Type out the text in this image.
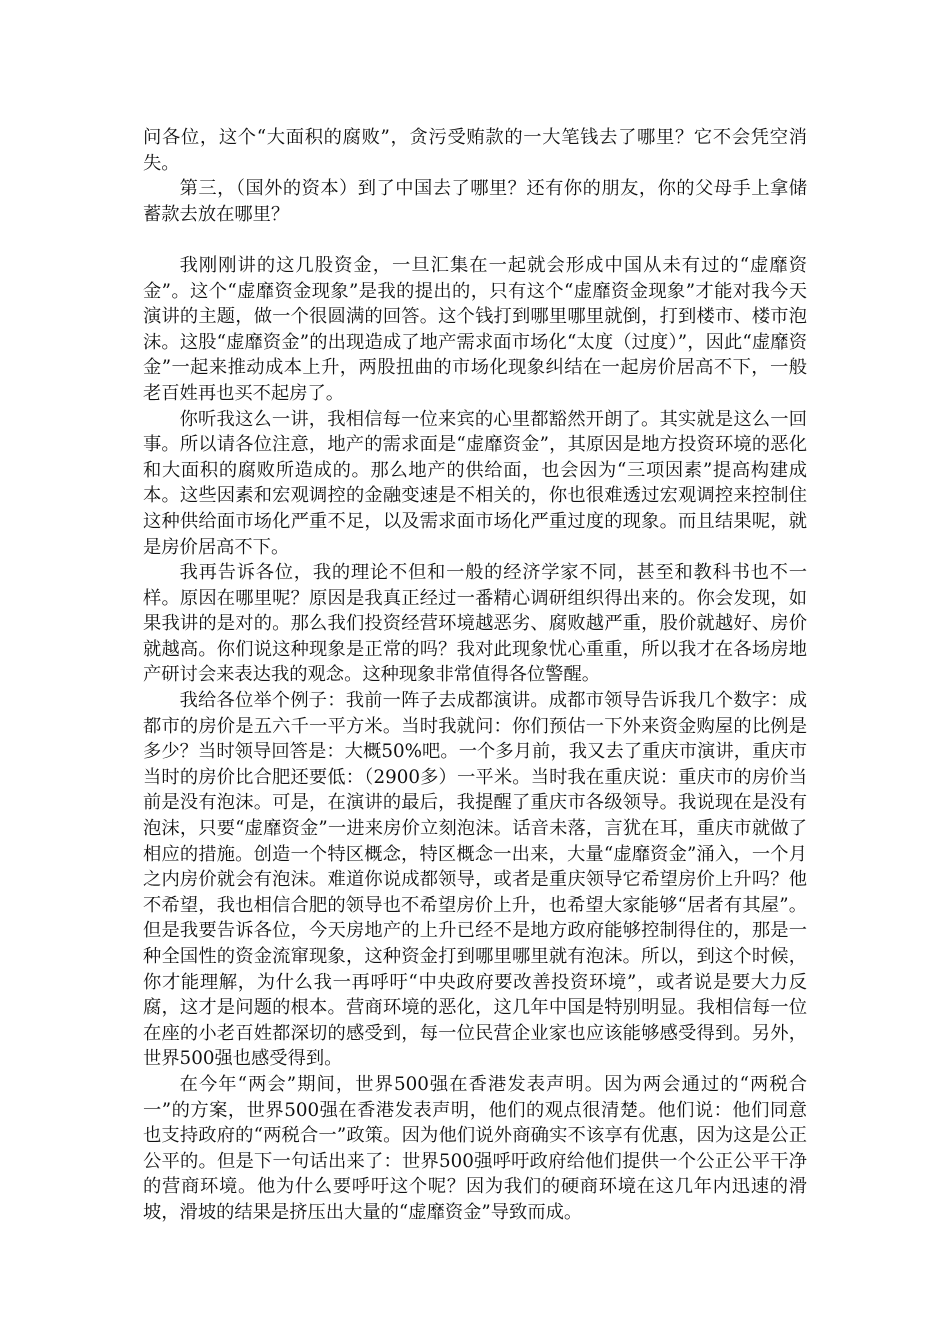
问各位，这个“大面积的腐败”，贪污受贿款的一大笔钱去了哪里？它不会凭空消失。

第三，（国外的资本）到了中国去了哪里？还有你的朋友，你的父母手上拿储蓄款去放在哪里？

我刚刚讲的这几股资金，一旦汇集在一起就会形成中国从未有过的“虚靡资金”。这个“虚靡资金现象”是我的提出的，只有这个“虚靡资金现象”才能对我今天演讲的主题，做一个很圆满的回答。这个钱打到哪里哪里就倒，打到楼市、楼市泡沫。这股“虚靡资金”的出现造成了地产需求面市场化“太度（过度）”，因此“虚靡资金”一起来推动成本上升，两股扭曲的市场化现象纠结在一起房价居高不下，一般老百姓再也买不起房了。

你听我这么一讲，我相信每一位来宾的心里都豁然开朗了。其实就是这么一回事。所以请各位注意，地产的需求面是“虚靡资金”，其原因是地方投资环境的恶化和大面积的腐败所造成的。那么地产的供给面，也会因为“三项因素”提高构建成本。这些因素和宏观调控的金融变速是不相关的，你也很难透过宏观调控来控制住这种供给面市场化严重不足，以及需求面市场化严重过度的现象。而且结果呢，就是房价居高不下。

我再告诉各位，我的理论不但和一般的经济学家不同，甚至和教科书也不一样。原因在哪里呢？原因是我真正经过一番精心调研组织得出来的。你会发现，如果我讲的是对的。那么我们投资经营环境越恶劣、腐败越严重，股价就越好、房价就越高。你们说这种现象是正常的吗？我对此现象忧心重重，所以我才在各场房地产研讨会来表达我的观念。这种现象非常值得各位警醒。

我给各位举个例子：我前一阵子去成都演讲。成都市领导告诉我几个数字：成都市的房价是五六千一平方米。当时我就问：你们预估一下外来资金购屋的比例是多少？当时领导回答是：大概50%吧。一个多月前，我又去了重庆市演讲，重庆市当时的房价比合肥还要低：（2900多）一平米。当时我在重庆说：重庆市的房价当前是没有泡沫。可是，在演讲的最后，我提醒了重庆市各级领导。我说现在是没有泡沫，只要“虚靡资金”一进来房价立刻泡沫。话音未落，言犹在耳，重庆市就做了相应的措施。创造一个特区概念，特区概念一出来，大量“虚靡资金”涌入，一个月之内房价就会有泡沫。难道你说成都领导，或者是重庆领导它希望房价上升吗？他不希望，我也相信合肥的领导也不希望房价上升，也希望大家能够“居者有其屋”。但是我要告诉各位，今天房地产的上升已经不是地方政府能够控制得住的，那是一种全国性的资金流窜现象，这种资金打到哪里哪里就有泡沫。所以，到这个时候，你才能理解，为什么我一再呼吁“中央政府要改善投资环境”，或者说是要大力反腐，这才是问题的根本。营商环境的恶化，这几年中国是特别明显。我相信每一位在座的小老百姓都深切的感受到，每一位民营企业家也应该能够感受得到。另外，世界500强也感受得到。

在今年“两会”期间，世界500强在香港发表声明。因为两会通过的“两税合一”的方案，世界500强在香港发表声明，他们的观点很清楚。他们说：他们同意也支持政府的“两税合一”政策。因为他们说外商确实不该享有优惠，因为这是公正公平的。但是下一句话出来了：世界500强呼吁政府给他们提供一个公正公平干净的营商环境。他为什么要呼吁这个呢？因为我们的硬商环境在这几年内迅速的滑坡，滑坡的结果是挤压出大量的“虚靡资金”导致而成。
